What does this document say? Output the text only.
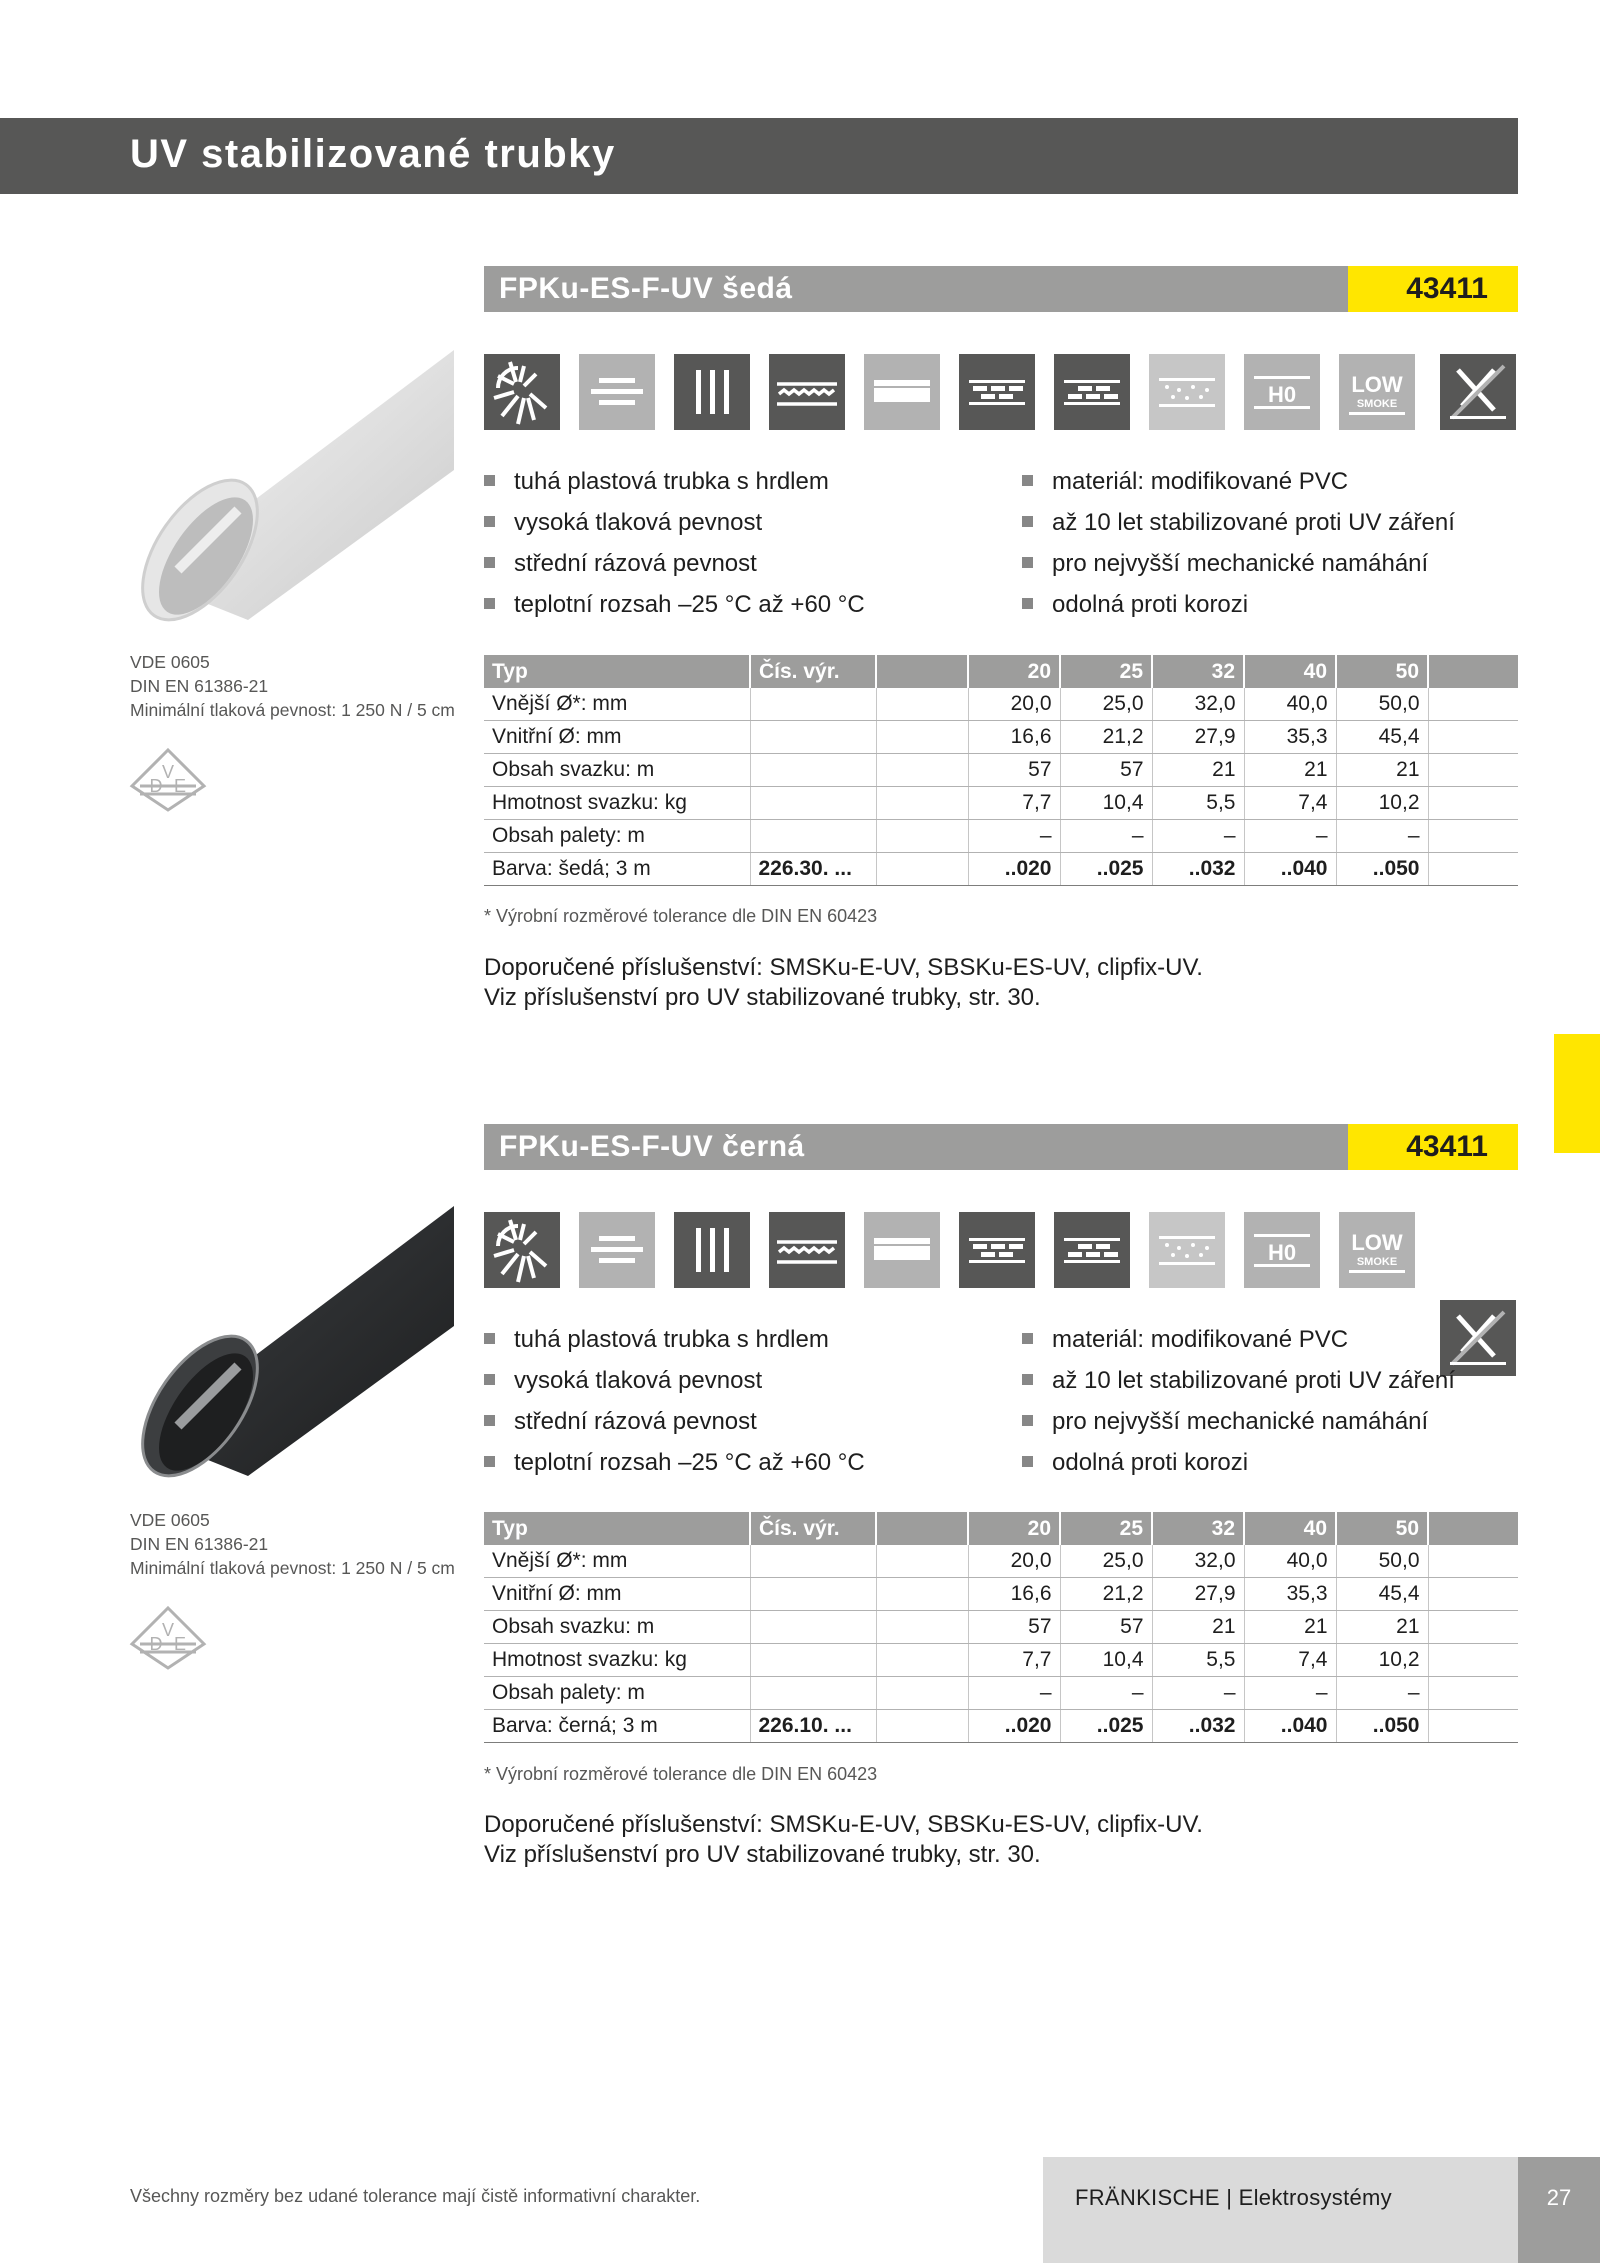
UV stabilizované trubky
FPKu-ES-F-UV šedá	43411
H0	LOW
SMOKE
VDE 0605
DIN EN 61386-21
Minimální tlaková pevnost: 1 250 N / 5 cm
V
D E
tuhá plastová trubka s hrdlem
vysoká tlaková pevnost
střední rázová pevnost
teplotní rozsah –25 °C až +60 °C
materiál: modifikované PVC
až 10 let stabilizované proti UV záření
pro nejvyšší mechanické namáhání
odolná proti korozi
Typ	Čís. výr.		20	25	32	40	50	
Vnější Ø*: mm			20,0	25,0	32,0	40,0	50,0	
Vnitřní Ø: mm			16,6	21,2	27,9	35,3	45,4	
Obsah svazku: m			57	57	21	21	21	
Hmotnost svazku: kg			7,7	10,4	5,5	7,4	10,2	
Obsah palety: m			–	–	–	–	–	
Barva: šedá; 3 m	226.30. ...		..020	..025	..032	..040	..050	
* Výrobní rozměrové tolerance dle DIN EN 60423
Doporučené příslušenství: SMSKu-E-UV, SBSKu-ES-UV, clipfix-UV.
Viz příslušenství pro UV stabilizované trubky, str. 30.
FPKu-ES-F-UV černá	43411
H0	LOW
SMOKE
VDE 0605
DIN EN 61386-21
Minimální tlaková pevnost: 1 250 N / 5 cm
V
D E
tuhá plastová trubka s hrdlem
vysoká tlaková pevnost
střední rázová pevnost
teplotní rozsah –25 °C až +60 °C
materiál: modifikované PVC
až 10 let stabilizované proti UV záření
pro nejvyšší mechanické namáhání
odolná proti korozi
Typ	Čís. výr.		20	25	32	40	50	
Vnější Ø*: mm			20,0	25,0	32,0	40,0	50,0	
Vnitřní Ø: mm			16,6	21,2	27,9	35,3	45,4	
Obsah svazku: m			57	57	21	21	21	
Hmotnost svazku: kg			7,7	10,4	5,5	7,4	10,2	
Obsah palety: m			–	–	–	–	–	
Barva: černá; 3 m	226.10. ...		..020	..025	..032	..040	..050	
* Výrobní rozměrové tolerance dle DIN EN 60423
Doporučené příslušenství: SMSKu-E-UV, SBSKu-ES-UV, clipfix-UV.
Viz příslušenství pro UV stabilizované trubky, str. 30.
Všechny rozměry bez udané tolerance mají čistě informativní charakter.	FRÄNKISCHE | Elektrosystémy	27
